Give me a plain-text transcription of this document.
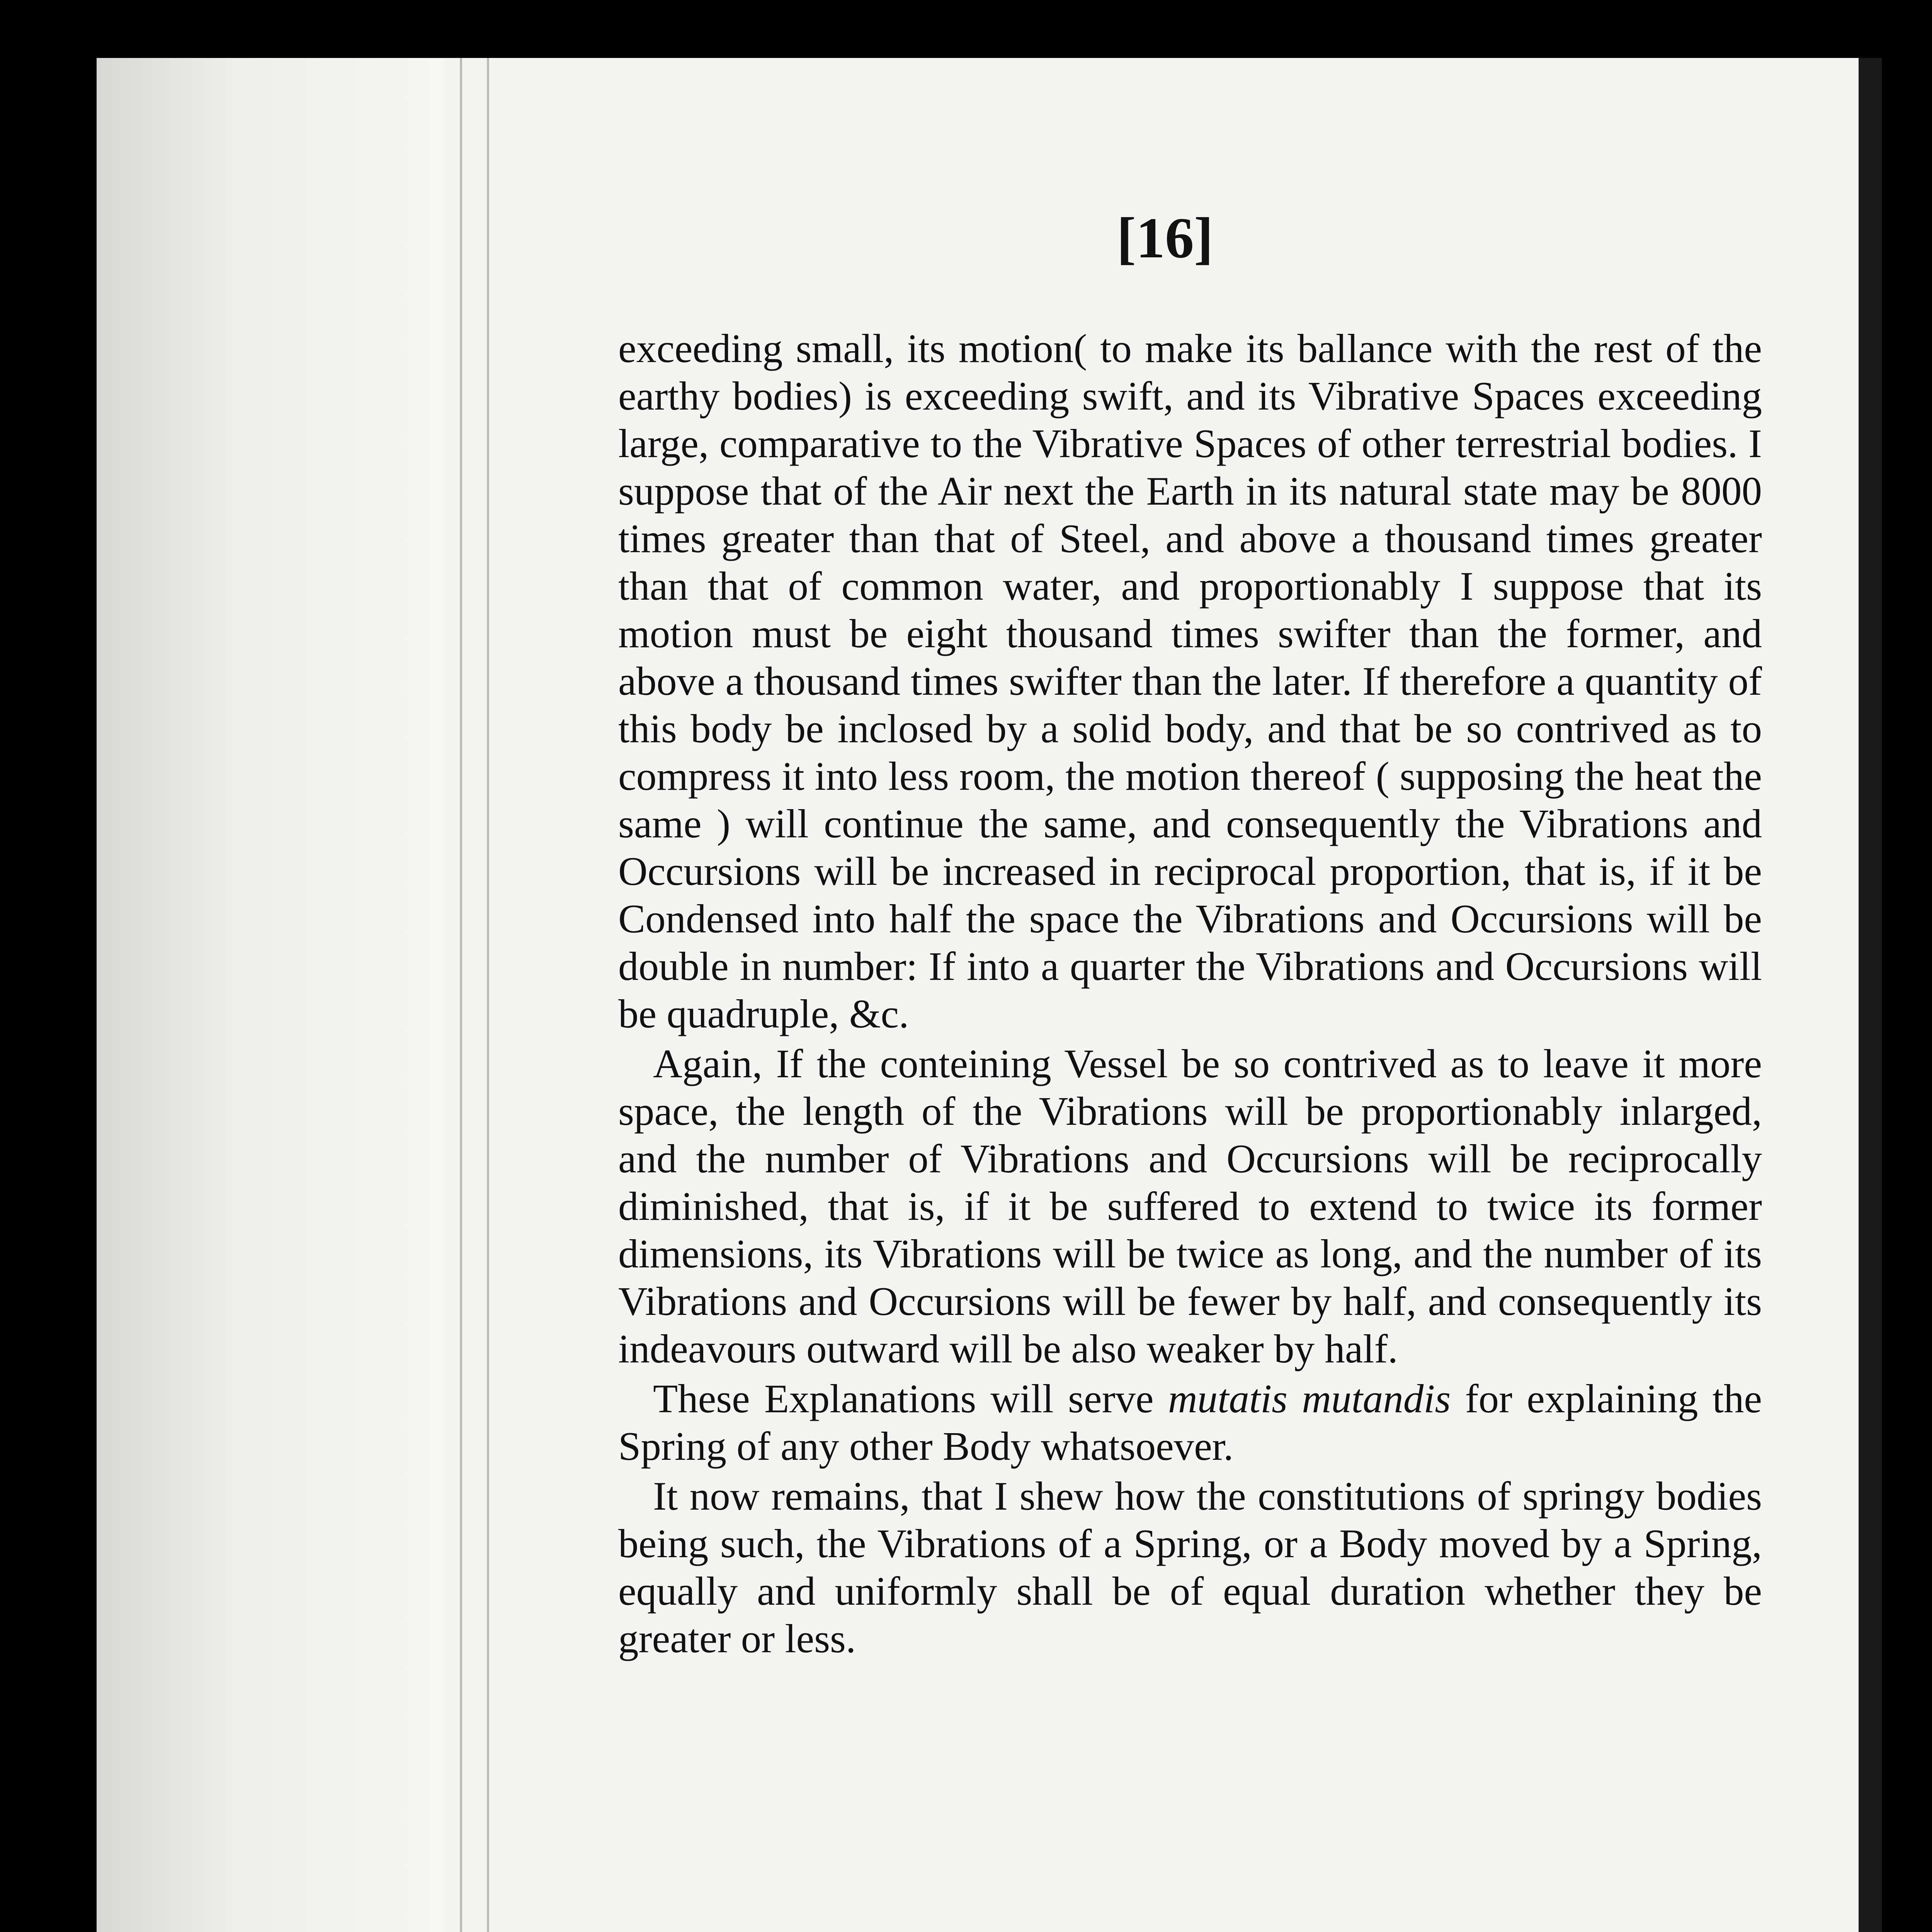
[16]

exceeding small, its motion( to make its ballance with the rest of the earthy bodies) is exceeding swift, and its Vibrative Spaces exceeding large, comparative to the Vibrative Spaces of other terrestrial bodies. I suppose that of the Air next the Earth in its natural state may be 8000 times greater than that of Steel, and above a thousand times greater than that of common water, and proportionably I suppose that its motion must be eight thousand times swifter than the former, and above a thousand times swifter than the later. If therefore a quantity of this body be inclosed by a solid body, and that be so contrived as to compress it into less room, the motion thereof ( supposing the heat the same ) will continue the same, and consequently the Vibrations and Occursions will be increased in reciprocal proportion, that is, if it be Condensed into half the space the Vibrations and Occursions will be double in number: If into a quarter the Vibrations and Occursions will be quadruple, &c.

Again, If the conteining Vessel be so contrived as to leave it more space, the length of the Vibrations will be proportionably inlarged, and the number of Vibrations and Occursions will be reciprocally diminished, that is, if it be suffered to extend to twice its former dimensions, its Vibrations will be twice as long, and the number of its Vibrations and Occursions will be fewer by half, and consequently its indeavours outward will be also weaker by half.

These Explanations will serve mutatis mutandis for explaining the Spring of any other Body whatsoever.

It now remains, that I shew how the constitutions of springy bodies being such, the Vibrations of a Spring, or a Body moved by a Spring, equally and uniformly shall be of equal duration whether they be greater or less.
